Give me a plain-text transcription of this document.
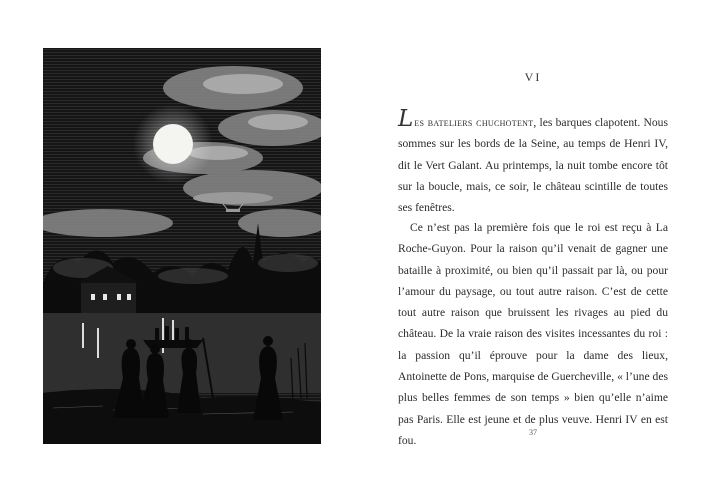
VI

Les bateliers chuchotent, les barques clapotent. Nous sommes sur les bords de la Seine, au temps de Henri IV, dit le Vert Galant. Au printemps, la nuit tombe encore tôt sur la boucle, mais, ce soir, le château scintille de toutes ses fenêtres.

Ce n’est pas la première fois que le roi est reçu à La Roche-Guyon. Pour la raison qu’il venait de gagner une bataille à proximité, ou bien qu’il passait par là, ou pour l’amour du paysage, ou tout autre raison. C’est de cette tout autre raison que bruissent les rivages au pied du château. De la vraie raison des visites incessantes du roi : la passion qu’il éprouve pour la dame des lieux, Antoinette de Pons, marquise de Guercheville, « l’une des plus belles femmes de son temps » bien qu’elle n’aime pas Paris. Elle est jeune et de plus veuve. Henri IV en est fou.

37
